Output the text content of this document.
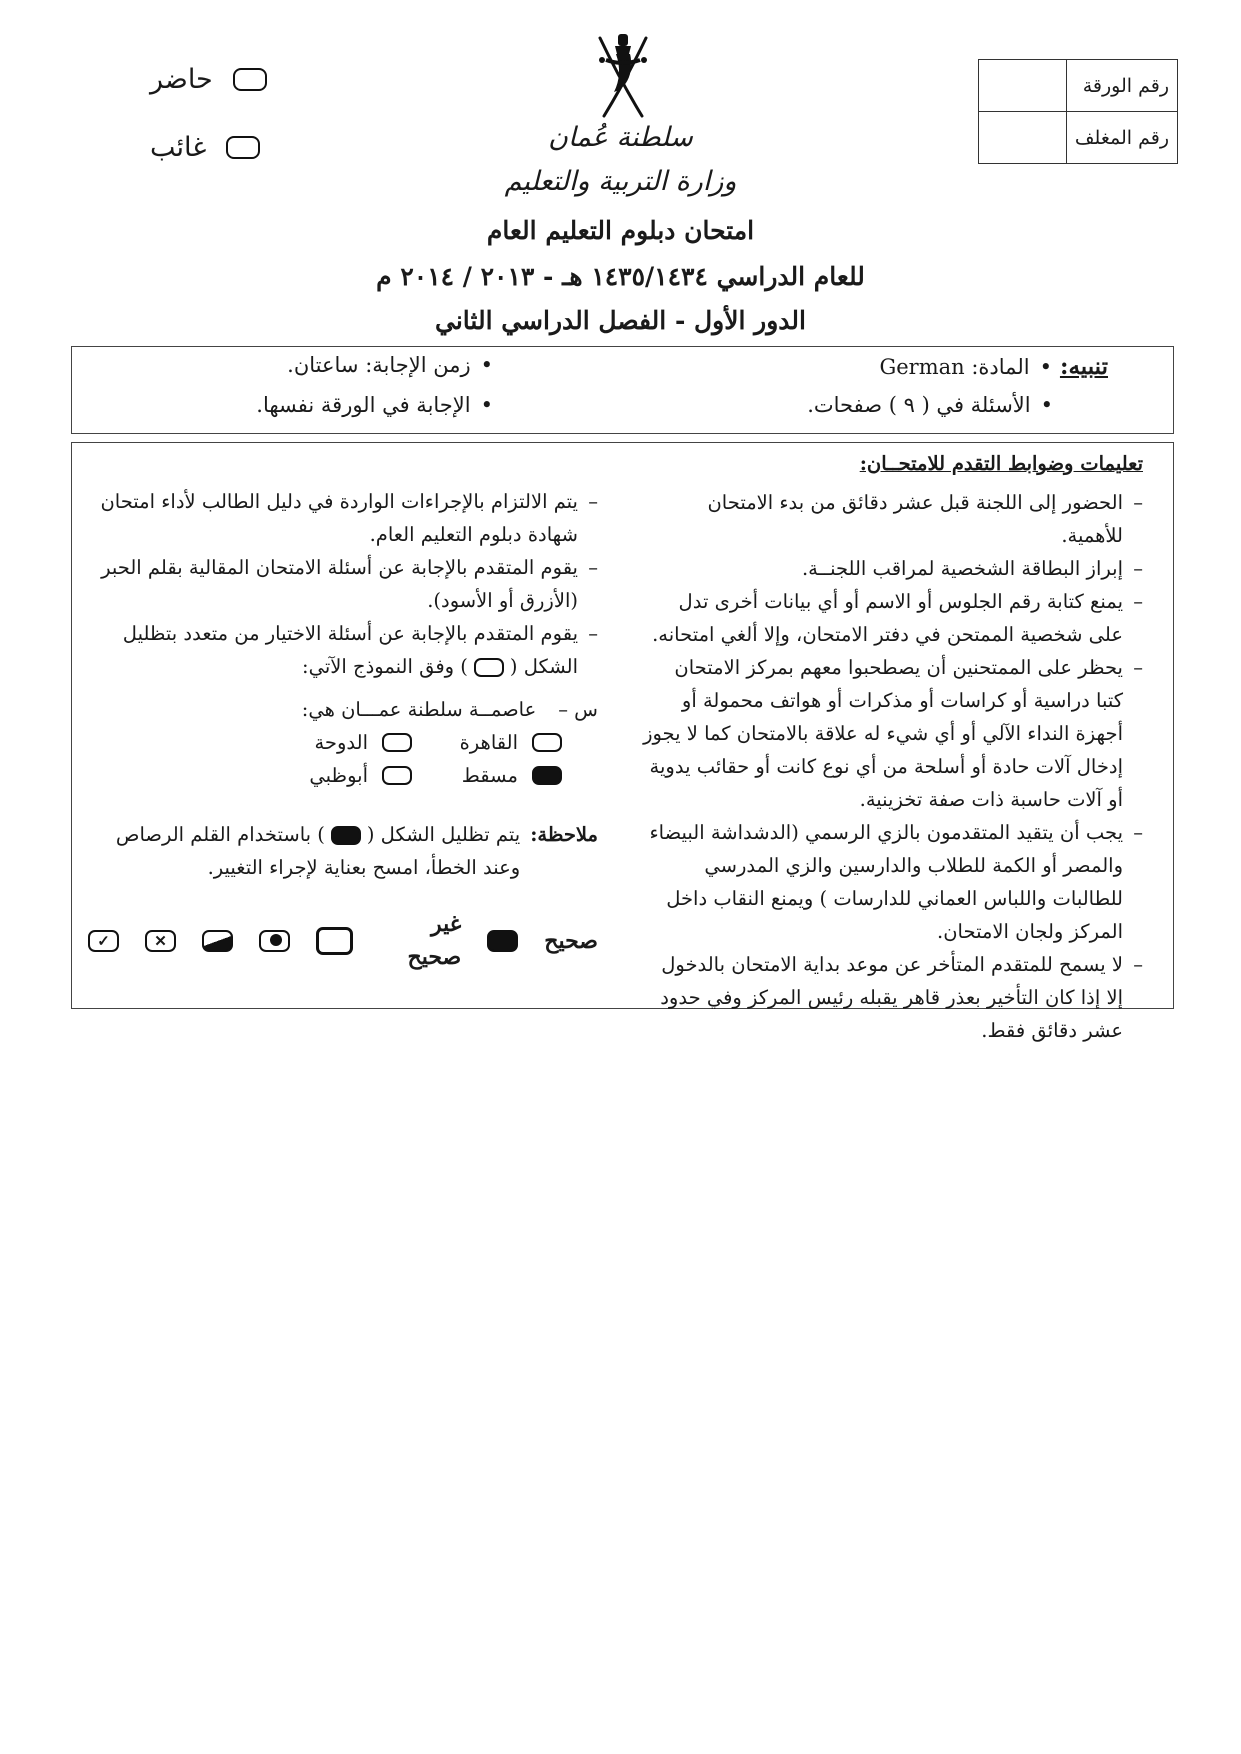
رقم الورقة	
رقم المغلف	
حاضر
غائب	سلطنة عُمان
وزارة التربية والتعليم
امتحان دبلوم التعليم العام
للعام الدراسي ١٤٣٥/١٤٣٤ هـ - ٢٠١٣ / ٢٠١٤ م
الدور الأول - الفصل الدراسي الثاني
تنبيه:
• المادة: German
• زمن الإجابة: ساعتان.
• الأسئلة في ( ٩ ) صفحات.
• الإجابة في الورقة نفسها.
تعليمات وضوابط التقدم للامتحــان:

– الحضور إلى اللجنة قبل عشر دقائق من بدء الامتحان للأهمية.

– إبراز البطاقة الشخصية لمراقب اللجنــة.

– يمنع كتابة رقم الجلوس أو الاسم أو أي بيانات أخرى تدل على شخصية الممتحن في دفتر الامتحان، وإلا ألغي امتحانه.

– يحظر على الممتحنين أن يصطحبوا معهم بمركز الامتحان كتبا دراسية أو كراسات أو مذكرات أو هواتف محمولة أو أجهزة النداء الآلي أو أي شيء له علاقة بالامتحان كما لا يجوز إدخال آلات حادة أو أسلحة من أي نوع كانت أو حقائب يدوية أو آلات حاسبة ذات صفة تخزينية.

– يجب أن يتقيد المتقدمون بالزي الرسمي (الدشداشة البيضاء والمصر أو الكمة للطلاب والدارسين والزي المدرسي للطالبات واللباس العماني للدارسات ) ويمنع النقاب داخل المركز ولجان الامتحان.

– لا يسمح للمتقدم المتأخر عن موعد بداية الامتحان بالدخول إلا إذا كان التأخير بعذر قاهر يقبله رئيس المركز وفي حدود عشر دقائق فقط.

– يتم الالتزام بالإجراءات الواردة في دليل الطالب لأداء امتحان شهادة دبلوم التعليم العام.

– يقوم المتقدم بالإجابة عن أسئلة الامتحان المقالية بقلم الحبر (الأزرق أو الأسود).

– يقوم المتقدم بالإجابة عن أسئلة الاختيار من متعدد بتظليل الشكل () وفق النموذج الآتي:

س –
عاصمــة سلطنة عمـــان هي:
القاهرة
الدوحة
مسقط
أبوظبي
ملاحظة:
يتم تظليل الشكل () باستخدام القلم الرصاص وعند الخطأ، امسح بعناية لإجراء التغيير.
صحيح
غير صحيح
✕
✓
